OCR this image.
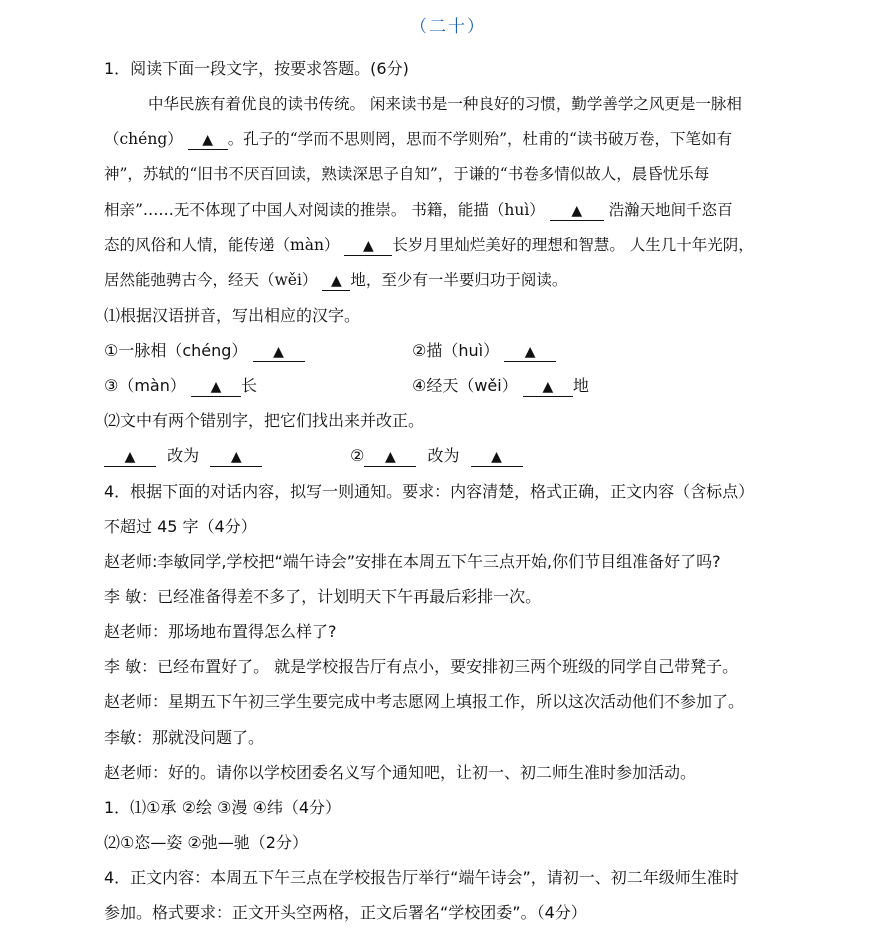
（二十）
1．阅读下面一段文字，按要求答题。(6分)
中华民族有着优良的读书传统。 闲来读书是一种良好的习惯，勤学善学之风更是一脉相
（chéng） ▲ 。孔子的“学而不思则罔，思而不学则殆”，杜甫的“读书破万卷，下笔如有
神”，苏轼的“旧书不厌百回读，熟读深思子自知”，于谦的“书卷多情似故人，晨昏忧乐每
相亲”……无不体现了中国人对阅读的推崇。 书籍，能描（huì） ▲ 浩瀚天地间千恣百
态的风俗和人情，能传递（màn） ▲ 长岁月里灿烂美好的理想和智慧。 人生几十年光阴，
居然能弛骋古今，经天（wěi） ▲ 地，至少有一半要归功于阅读。
⑴根据汉语拼音，写出相应的汉字。
①一脉相（chéng） ▲	②描（huì） ▲
③（màn） ▲ 长	④经天（wěi） ▲ 地
⑵文中有两个错别字，把它们找出来并改正。
▲ 改为 ▲	② ▲ 改为 ▲
4．根据下面的对话内容，拟写一则通知。要求：内容清楚，格式正确，正文内容（含标点）
不超过 45 字（4分）
赵老师:李敏同学,学校把“端午诗会”安排在本周五下午三点开始,你们节目组准备好了吗?
李 敏：已经准备得差不多了，计划明天下午再最后彩排一次。
赵老师：那场地布置得怎么样了?
李 敏：已经布置好了。 就是学校报告厅有点小，要安排初三两个班级的同学自己带凳子。
赵老师：星期五下午初三学生要完成中考志愿网上填报工作，所以这次活动他们不参加了。
李敏：那就没问题了。
赵老师：好的。请你以学校团委名义写个通知吧，让初一、初二师生准时参加活动。
1．⑴①承 ②绘 ③漫 ④纬（4分）
⑵①恣—姿 ②弛—驰（2分）
4．正文内容：本周五下午三点在学校报告厅举行“端午诗会”，请初一、初二年级师生准时
参加。格式要求：正文开头空两格，正文后署名“学校团委”。（4分）
